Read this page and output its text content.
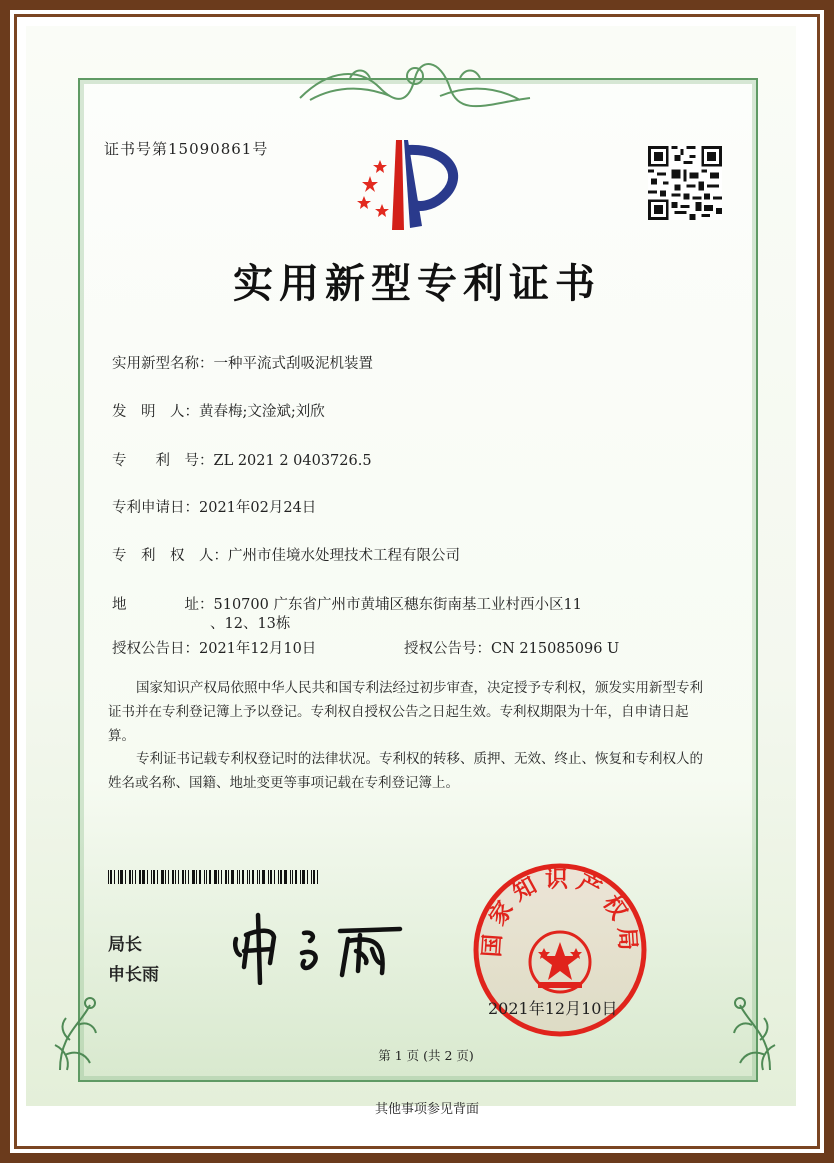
证书号第15090861号
实用新型专利证书
实用新型名称：一种平流式刮吸泥机装置
发　明　人：黄春梅;文淦斌;刘欣
专　　利　号：ZL 2021 2 0403726.5
专利申请日：2021年02月24日
专　利　权　人：广州市佳境水处理技术工程有限公司
地　　　　址：510700 广东省广州市黄埔区穗东街南基工业村西小区11
、12、13栋
授权公告日：2021年12月10日	授权公告号：CN 215085096 U
国家知识产权局依照中华人民共和国专利法经过初步审查，决定授予专利权，颁发实用新型专利证书并在专利登记簿上予以登记。专利权自授权公告之日起生效。专利权期限为十年，自申请日起算。
专利证书记载专利权登记时的法律状况。专利权的转移、质押、无效、终止、恢复和专利权人的姓名或名称、国籍、地址变更等事项记载在专利登记簿上。
局长
申长雨
国家知识产权局
2021年12月10日
第 1 页 (共 2 页)
其他事项参见背面
